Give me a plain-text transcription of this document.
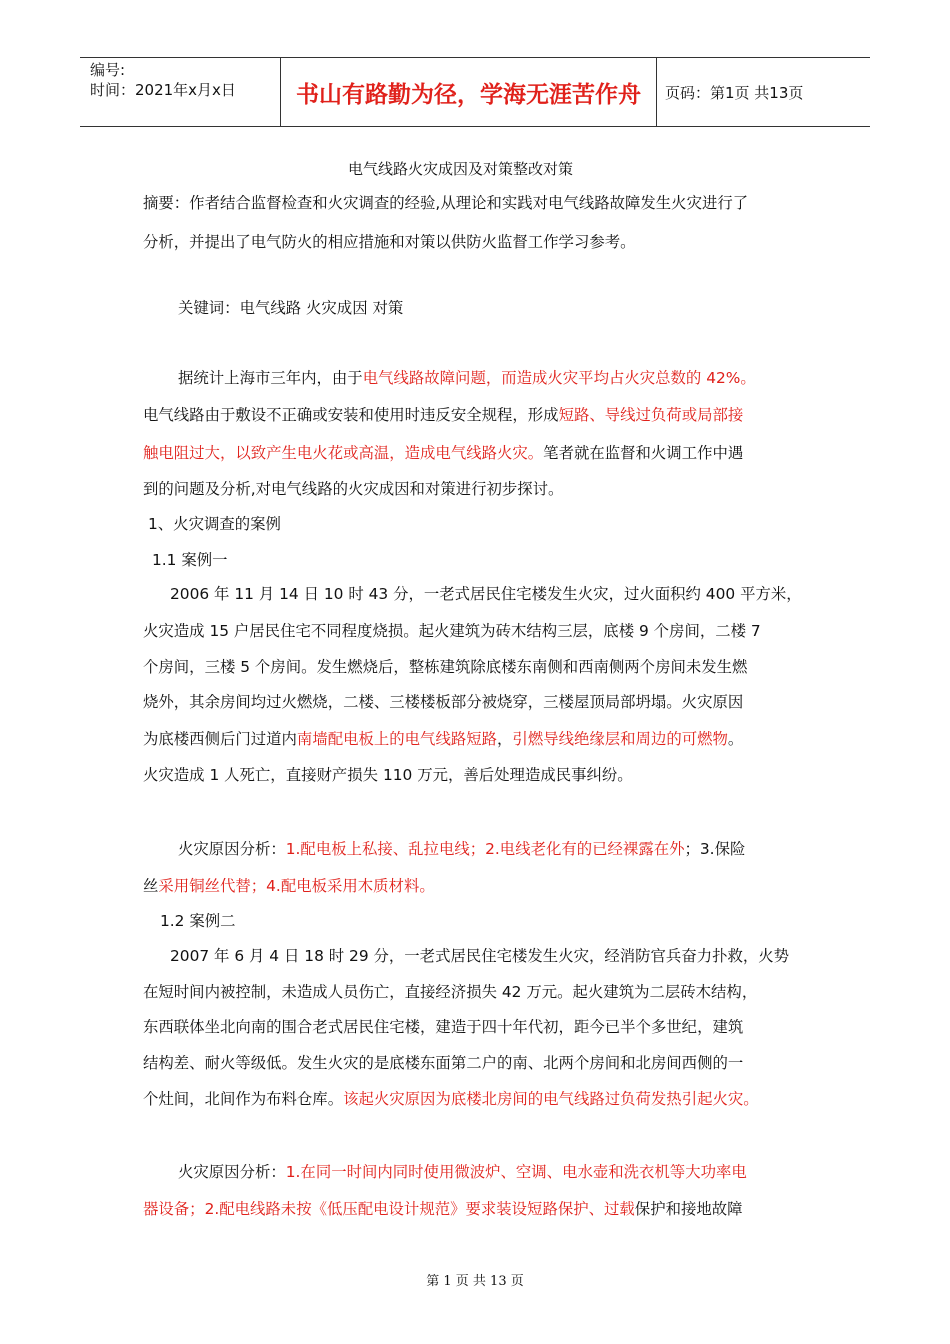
编号:
时间：2021年x月x日	书山有路勤为径，学海无涯苦作舟	页码：第1页 共13页
电气线路火灾成因及对策整改对策
摘要：作者结合监督检查和火灾调查的经验,从理论和实践对电气线路故障发生火灾进行了
分析，并提出了电气防火的相应措施和对策以供防火监督工作学习参考。
关键词：电气线路 火灾成因 对策
据统计上海市三年内，由于电气线路故障问题，而造成火灾平均占火灾总数的 42%。
电气线路由于敷设不正确或安装和使用时违反安全规程，形成短路、导线过负荷或局部接
触电阻过大，以致产生电火花或高温，造成电气线路火灾。笔者就在监督和火调工作中遇
到的问题及分析,对电气线路的火灾成因和对策进行初步探讨。
1、火灾调查的案例
1.1 案例一
2006 年 11 月 14 日 10 时 43 分，一老式居民住宅楼发生火灾，过火面积约 400 平方米，
火灾造成 15 户居民住宅不同程度烧损。起火建筑为砖木结构三层，底楼 9 个房间，二楼 7
个房间，三楼 5 个房间。发生燃烧后，整栋建筑除底楼东南侧和西南侧两个房间未发生燃
烧外，其余房间均过火燃烧，二楼、三楼楼板部分被烧穿，三楼屋顶局部坍塌。火灾原因
为底楼西侧后门过道内南墙配电板上的电气线路短路，引燃导线绝缘层和周边的可燃物。
火灾造成 1 人死亡，直接财产损失 110 万元，善后处理造成民事纠纷。
火灾原因分析：1.配电板上私接、乱拉电线；2.电线老化有的已经裸露在外；3.保险
丝采用铜丝代替；4.配电板采用木质材料。
1.2 案例二
2007 年 6 月 4 日 18 时 29 分，一老式居民住宅楼发生火灾，经消防官兵奋力扑救，火势
在短时间内被控制，未造成人员伤亡，直接经济损失 42 万元。起火建筑为二层砖木结构，
东西联体坐北向南的围合老式居民住宅楼，建造于四十年代初，距今已半个多世纪，建筑
结构差、耐火等级低。发生火灾的是底楼东面第二户的南、北两个房间和北房间西侧的一
个灶间，北间作为布料仓库。该起火灾原因为底楼北房间的电气线路过负荷发热引起火灾。
火灾原因分析：1.在同一时间内同时使用微波炉、空调、电水壶和洗衣机等大功率电
器设备；2.配电线路未按《低压配电设计规范》要求装设短路保护、过载保护和接地故障
第 1 页 共 13 页
